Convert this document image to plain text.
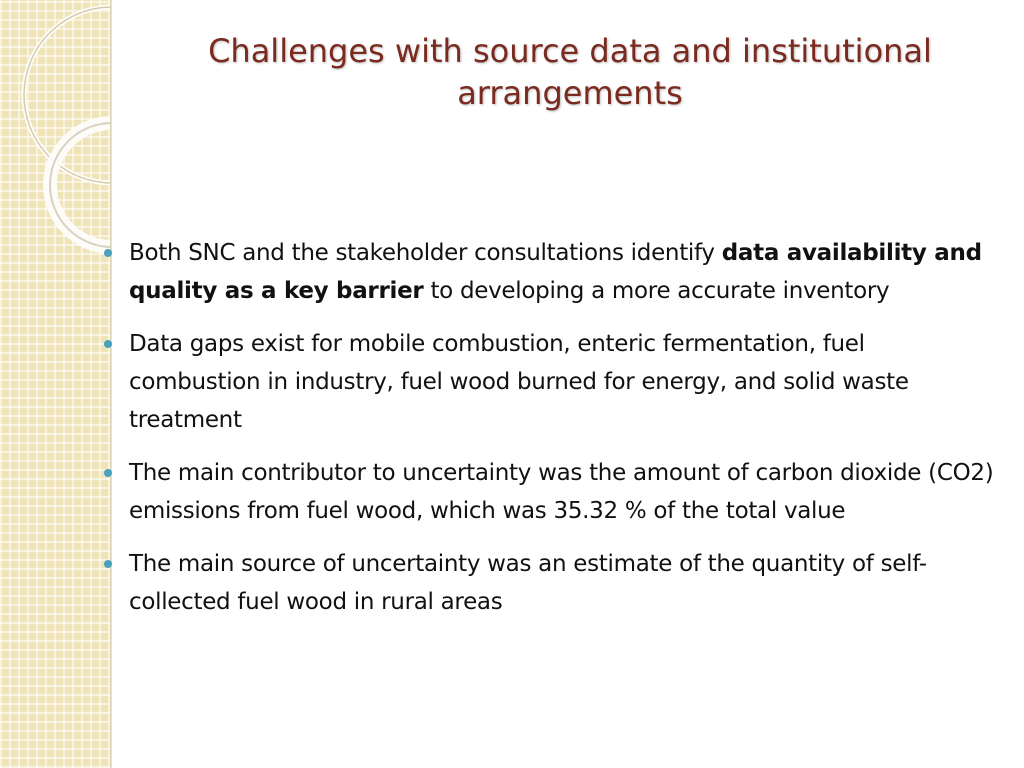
Challenges with source data and institutional arrangements
Both SNC and the stakeholder consultations identify data availability and quality as a key barrier to developing a more accurate inventory
Data gaps exist for mobile combustion, enteric fermentation, fuel combustion in industry, fuel wood burned for energy, and solid waste treatment
The main contributor to uncertainty was the amount of carbon dioxide (CO2) emissions from fuel wood, which was 35.32 % of the total value
The main source of uncertainty was an estimate of the quantity of self-collected fuel wood in rural areas
